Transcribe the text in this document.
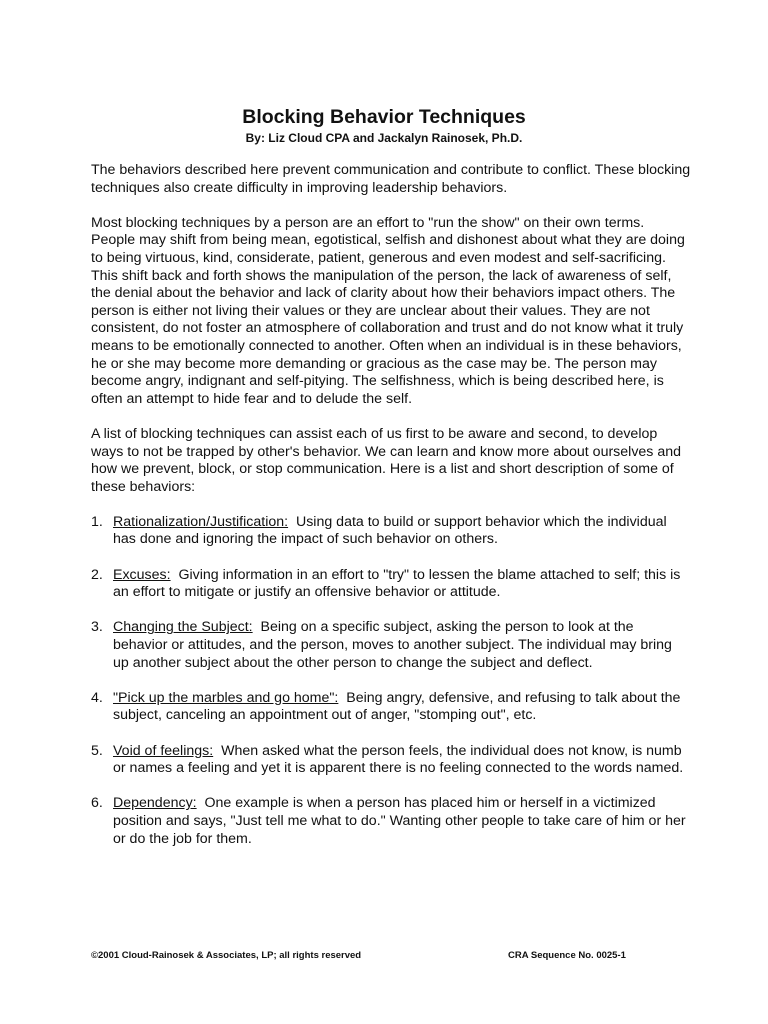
Blocking Behavior Techniques

By: Liz Cloud CPA and Jackalyn Rainosek, Ph.D.

The behaviors described here prevent communication and contribute to conflict. These blocking techniques also create difficulty in improving leadership behaviors.

Most blocking techniques by a person are an effort to "run the show" on their own terms. People may shift from being mean, egotistical, selfish and dishonest about what they are doing to being virtuous, kind, considerate, patient, generous and even modest and self-sacrificing. This shift back and forth shows the manipulation of the person, the lack of awareness of self, the denial about the behavior and lack of clarity about how their behaviors impact others. The person is either not living their values or they are unclear about their values. They are not consistent, do not foster an atmosphere of collaboration and trust and do not know what it truly means to be emotionally connected to another. Often when an individual is in these behaviors, he or she may become more demanding or gracious as the case may be. The person may become angry, indignant and self-pitying. The selfishness, which is being described here, is often an attempt to hide fear and to delude the self.

A list of blocking techniques can assist each of us first to be aware and second, to develop ways to not be trapped by other's behavior. We can learn and know more about ourselves and how we prevent, block, or stop communication. Here is a list and short description of some of these behaviors:

1. Rationalization/Justification: Using data to build or support behavior which the individual has done and ignoring the impact of such behavior on others.
2. Excuses: Giving information in an effort to "try" to lessen the blame attached to self; this is an effort to mitigate or justify an offensive behavior or attitude.
3. Changing the Subject: Being on a specific subject, asking the person to look at the behavior or attitudes, and the person, moves to another subject. The individual may bring up another subject about the other person to change the subject and deflect.
4. "Pick up the marbles and go home": Being angry, defensive, and refusing to talk about the subject, canceling an appointment out of anger, "stomping out", etc.
5. Void of feelings: When asked what the person feels, the individual does not know, is numb or names a feeling and yet it is apparent there is no feeling connected to the words named.
6. Dependency: One example is when a person has placed him or herself in a victimized position and says, "Just tell me what to do." Wanting other people to take care of him or her or do the job for them.
©2001 Cloud-Rainosek & Associates, LP; all rights reserved	CRA Sequence No. 0025-1
